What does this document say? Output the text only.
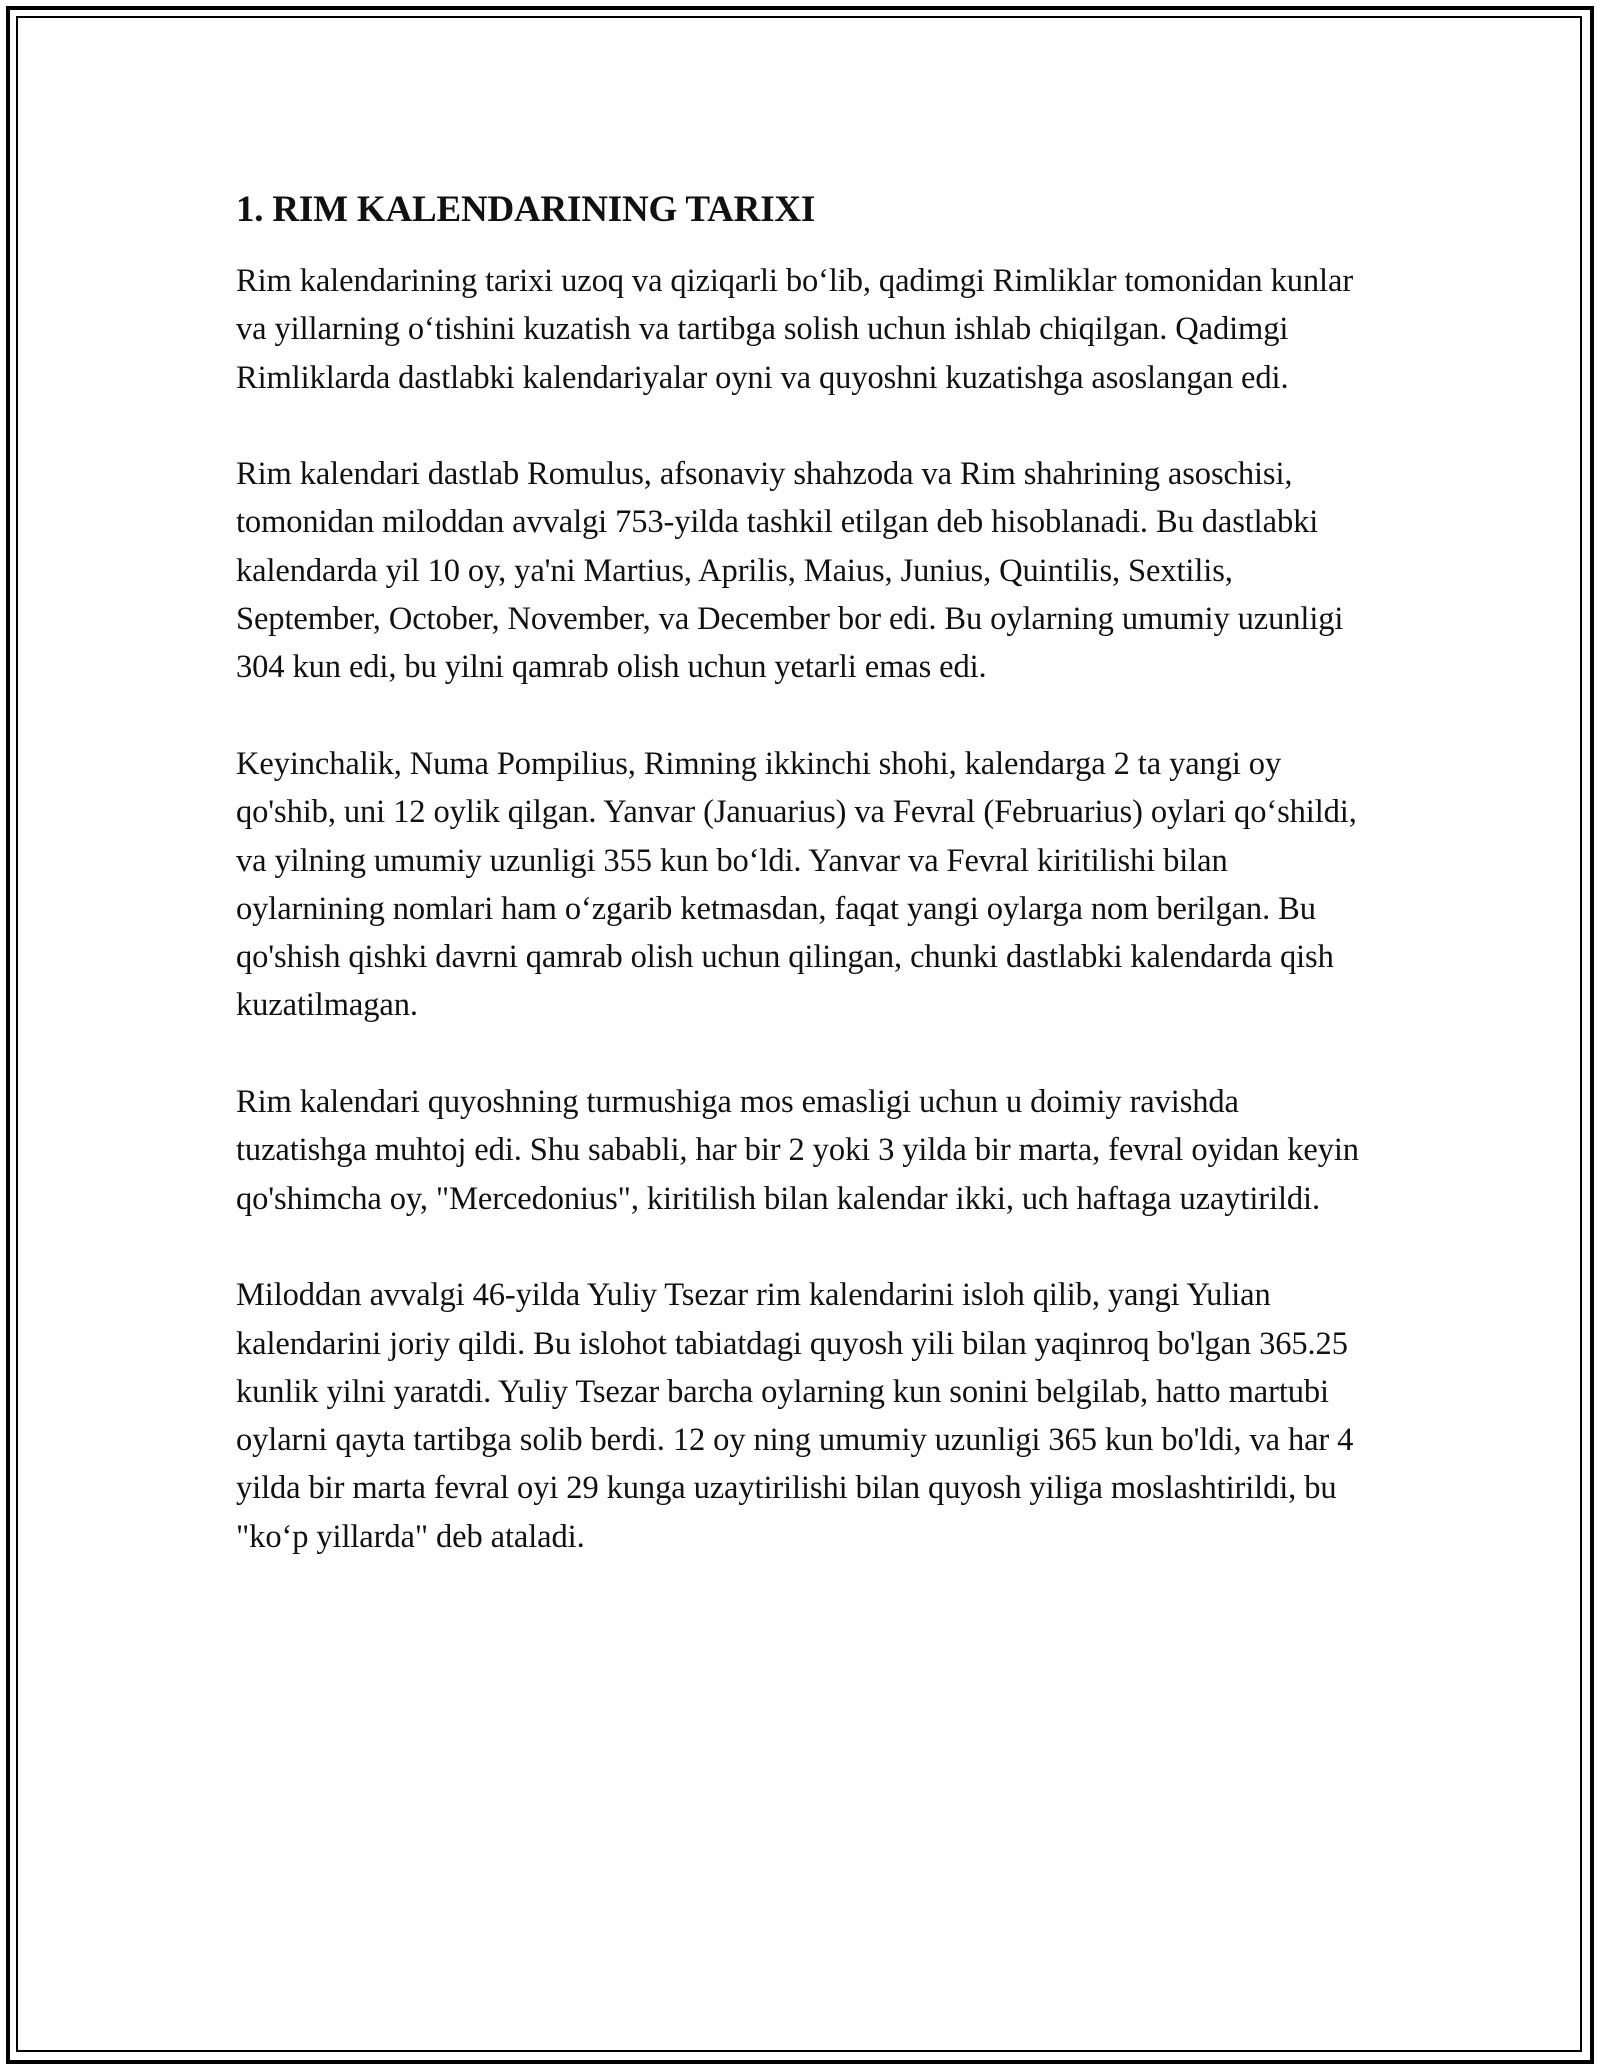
1. RIM KALENDARINING TARIXI

Rim kalendarining tarixi uzoq va qiziqarli bo‘lib, qadimgi Rimliklar tomonidan kunlar va yillarning o‘tishini kuzatish va tartibga solish uchun ishlab chiqilgan. Qadimgi Rimliklarda dastlabki kalendariyalar oyni va quyoshni kuzatishga asoslangan edi.

Rim kalendari dastlab Romulus, afsonaviy shahzoda va Rim shahrining asoschisi, tomonidan miloddan avvalgi 753-yilda tashkil etilgan deb hisoblanadi. Bu dastlabki kalendarda yil 10 oy, ya'ni Martius, Aprilis, Maius, Junius, Quintilis, Sextilis, September, October, November, va December bor edi. Bu oylarning umumiy uzunligi 304 kun edi, bu yilni qamrab olish uchun yetarli emas edi.

Keyinchalik, Numa Pompilius, Rimning ikkinchi shohi, kalendarga 2 ta yangi oy qo'shib, uni 12 oylik qilgan. Yanvar (Januarius) va Fevral (Februarius) oylari qo‘shildi, va yilning umumiy uzunligi 355 kun bo‘ldi. Yanvar va Fevral kiritilishi bilan oylarnining nomlari ham o‘zgarib ketmasdan, faqat yangi oylarga nom berilgan. Bu qo'shish qishki davrni qamrab olish uchun qilingan, chunki dastlabki kalendarda qish kuzatilmagan.

Rim kalendari quyoshning turmushiga mos emasligi uchun u doimiy ravishda tuzatishga muhtoj edi. Shu sababli, har bir 2 yoki 3 yilda bir marta, fevral oyidan keyin qo'shimcha oy, "Mercedonius", kiritilish bilan kalendar ikki, uch haftaga uzaytirildi.

Miloddan avvalgi 46-yilda Yuliy Tsezar rim kalendarini isloh qilib, yangi Yulian kalendarini joriy qildi. Bu islohot tabiatdagi quyosh yili bilan yaqinroq bo'lgan 365.25 kunlik yilni yaratdi. Yuliy Tsezar barcha oylarning kun sonini belgilab, hatto martubi oylarni qayta tartibga solib berdi. 12 oy ning umumiy uzunligi 365 kun bo'ldi, va har 4 yilda bir marta fevral oyi 29 kunga uzaytirilishi bilan quyosh yiliga moslashtirildi, bu "ko‘p yillarda" deb ataladi.
